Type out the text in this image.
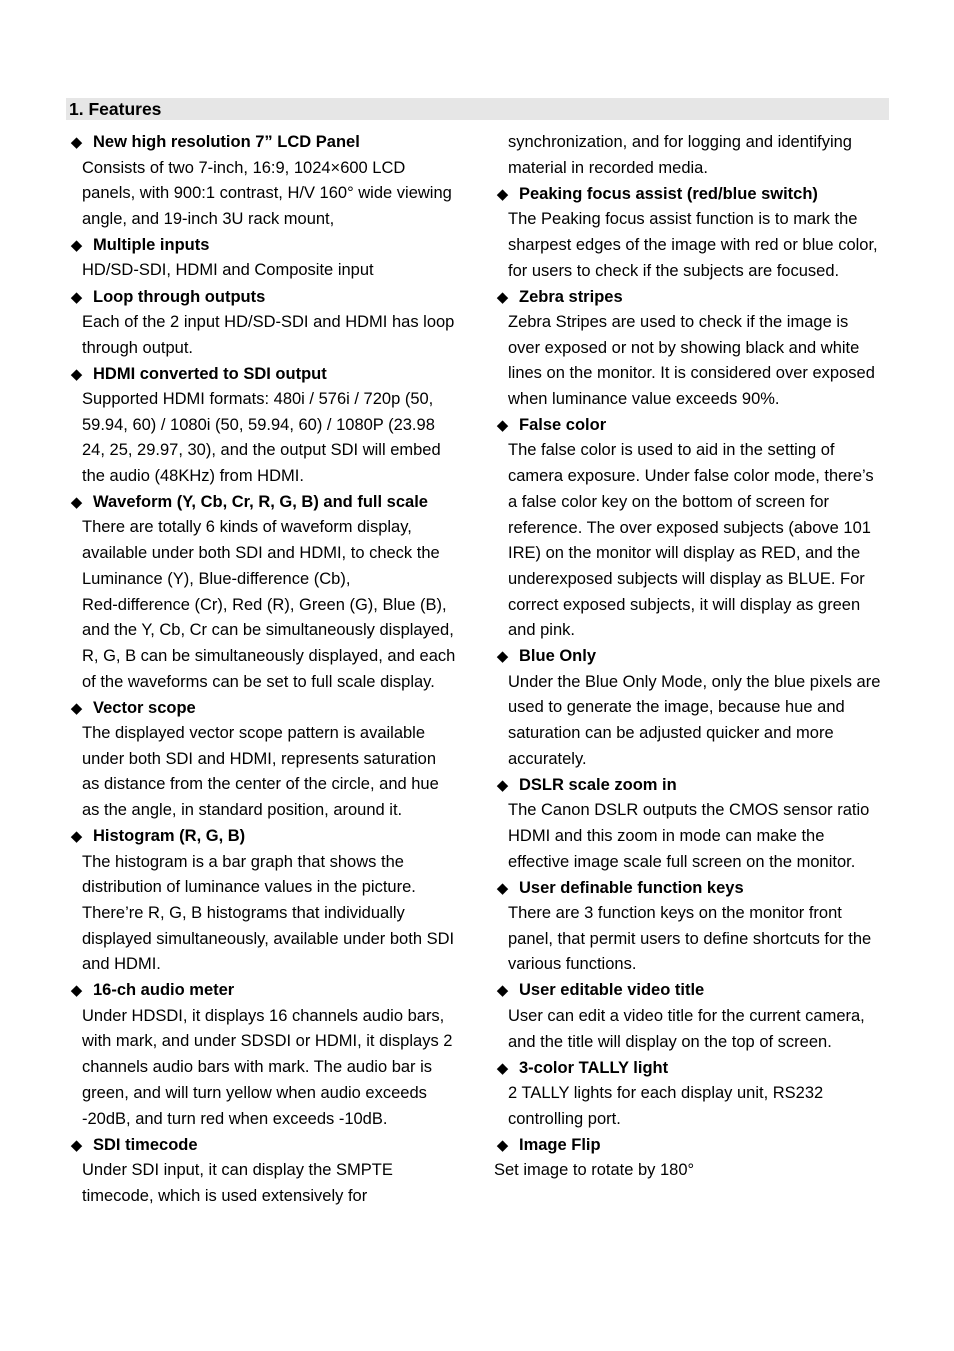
1. Features
◆ New high resolution 7” LCD Panel

Consists of two 7-inch, 16:9, 1024×600 LCD
panels, with 900:1 contrast, H/V 160° wide viewing
angle, and 19-inch 3U rack mount,

◆ Multiple inputs

HD/SD-SDI, HDMI and Composite input

◆ Loop through outputs

Each of the 2 input HD/SD-SDI and HDMI has loop
through output.

◆ HDMI converted to SDI output

Supported HDMI formats: 480i / 576i / 720p (50,
59.94, 60) / 1080i (50, 59.94, 60) / 1080P (23.98
24, 25, 29.97, 30), and the output SDI will embed
the audio (48KHz) from HDMI.

◆ Waveform (Y, Cb, Cr, R, G, B) and full scale

There are totally 6 kinds of waveform display,
available under both SDI and HDMI, to check the
Luminance (Y), Blue-difference (Cb),
Red-difference (Cr), Red (R), Green (G), Blue (B),
and the Y, Cb, Cr can be simultaneously displayed,
R, G, B can be simultaneously displayed, and each
of the waveforms can be set to full scale display.

◆ Vector scope

The displayed vector scope pattern is available
under both SDI and HDMI, represents saturation
as distance from the center of the circle, and hue
as the angle, in standard position, around it.

◆ Histogram (R, G, B)

The histogram is a bar graph that shows the
distribution of luminance values in the picture.
There’re R, G, B histograms that individually
displayed simultaneously, available under both SDI
and HDMI.

◆ 16-ch audio meter

Under HDSDI, it displays 16 channels audio bars,
with mark, and under SDSDI or HDMI, it displays 2
channels audio bars with mark. The audio bar is
green, and will turn yellow when audio exceeds
-20dB, and turn red when exceeds -10dB.

◆ SDI timecode

Under SDI input, it can display the SMPTE
timecode, which is used extensively for

synchronization, and for logging and identifying
material in recorded media.

◆ Peaking focus assist (red/blue switch)

The Peaking focus assist function is to mark the
sharpest edges of the image with red or blue color,
for users to check if the subjects are focused.

◆ Zebra stripes

Zebra Stripes are used to check if the image is
over exposed or not by showing black and white
lines on the monitor. It is considered over exposed
when luminance value exceeds 90%.

◆ False color

The false color is used to aid in the setting of
camera exposure. Under false color mode, there’s
a false color key on the bottom of screen for
reference. The over exposed subjects (above 101
IRE) on the monitor will display as RED, and the
underexposed subjects will display as BLUE. For
correct exposed subjects, it will display as green
and pink.

◆ Blue Only

Under the Blue Only Mode, only the blue pixels are
used to generate the image, because hue and
saturation can be adjusted quicker and more
accurately.

◆ DSLR scale zoom in

The Canon DSLR outputs the CMOS sensor ratio
HDMI and this zoom in mode can make the
effective image scale full screen on the monitor.

◆ User definable function keys

There are 3 function keys on the monitor front
panel, that permit users to define shortcuts for the
various functions.

◆ User editable video title

User can edit a video title for the current camera,
and the title will display on the top of screen.

◆ 3-color TALLY light

2 TALLY lights for each display unit, RS232
controlling port.

◆ Image Flip

Set image to rotate by 180°
